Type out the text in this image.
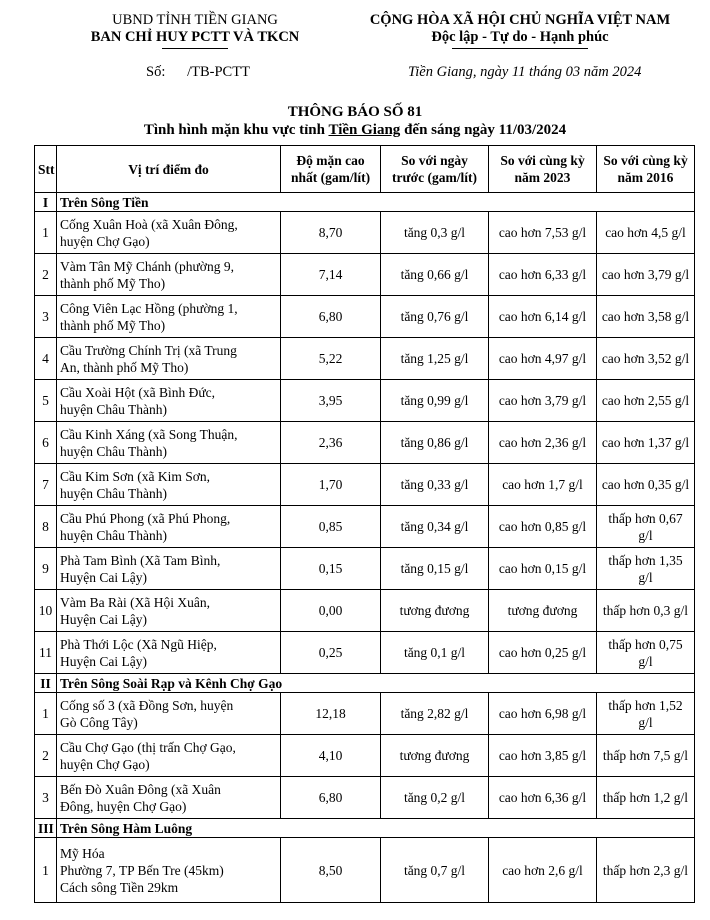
UBND TỈNH TIỀN GIANG
BAN CHỈ HUY PCTT VÀ TKCN
CỘNG HÒA XÃ HỘI CHỦ NGHĨA VIỆT NAM
Độc lập - Tự do - Hạnh phúc
Số:      /TB-PCTT	Tiền Giang, ngày 11 tháng 03 năm 2024
THÔNG BÁO SỐ 81
Tình hình mặn khu vực tỉnh Tiền Giang đến sáng ngày 11/03/2024
Stt	Vị trí điểm đo	Độ mặn cao nhất (gam/lít)	So với ngày trước (gam/lít)	So với cùng kỳ năm 2023	So với cùng kỳ năm 2016
I	Trên Sông Tiền				
1	Cống Xuân Hoà (xã Xuân Đông,
huyện Chợ Gạo)	8,70	tăng 0,3 g/l	cao hơn 7,53 g/l	cao hơn 4,5 g/l
2	Vàm Tân Mỹ Chánh (phường 9,
thành phố Mỹ Tho)	7,14	tăng 0,66 g/l	cao hơn 6,33 g/l	cao hơn 3,79 g/l
3	Công Viên Lạc Hồng (phường 1,
thành phố Mỹ Tho)	6,80	tăng 0,76 g/l	cao hơn 6,14 g/l	cao hơn 3,58 g/l
4	Cầu Trường Chính Trị (xã Trung
An, thành phố Mỹ Tho)	5,22	tăng 1,25 g/l	cao hơn 4,97 g/l	cao hơn 3,52 g/l
5	Cầu Xoài Hột (xã Bình Đức,
huyện Châu Thành)	3,95	tăng 0,99 g/l	cao hơn 3,79 g/l	cao hơn 2,55 g/l
6	Cầu Kinh Xáng (xã Song Thuận,
huyện Châu Thành)	2,36	tăng 0,86 g/l	cao hơn 2,36 g/l	cao hơn 1,37 g/l
7	Cầu Kim Sơn (xã Kim Sơn,
huyện Châu Thành)	1,70	tăng 0,33 g/l	cao hơn 1,7 g/l	cao hơn 0,35 g/l
8	Cầu Phú Phong (xã Phú Phong,
huyện Châu Thành)	0,85	tăng 0,34 g/l	cao hơn 0,85 g/l	thấp hơn 0,67 g/l
9	Phà Tam Bình (Xã Tam Bình,
Huyện Cai Lậy)	0,15	tăng 0,15 g/l	cao hơn 0,15 g/l	thấp hơn 1,35 g/l
10	Vàm Ba Rài (Xã Hội Xuân,
Huyện Cai Lậy)	0,00	tương đương	tương đương	thấp hơn 0,3 g/l
11	Phà Thới Lộc (Xã Ngũ Hiệp,
Huyện Cai Lậy)	0,25	tăng 0,1 g/l	cao hơn 0,25 g/l	thấp hơn 0,75 g/l
II	Trên Sông Soài Rạp và Kênh Chợ Gạo				
1	Cống số 3 (xã Đồng Sơn, huyện
Gò Công Tây)	12,18	tăng 2,82 g/l	cao hơn 6,98 g/l	thấp hơn 1,52 g/l
2	Cầu Chợ Gạo (thị trấn Chợ Gạo,
huyện Chợ Gạo)	4,10	tương đương	cao hơn 3,85 g/l	thấp hơn 7,5 g/l
3	Bến Đò Xuân Đông (xã Xuân
Đông, huyện Chợ Gạo)	6,80	tăng 0,2 g/l	cao hơn 6,36 g/l	thấp hơn 1,2 g/l
III	Trên Sông Hàm Luông				
1	Mỹ Hóa
Phường 7, TP Bến Tre (45km)
Cách sông Tiền 29km	8,50	tăng 0,7 g/l	cao hơn 2,6 g/l	thấp hơn 2,3 g/l
